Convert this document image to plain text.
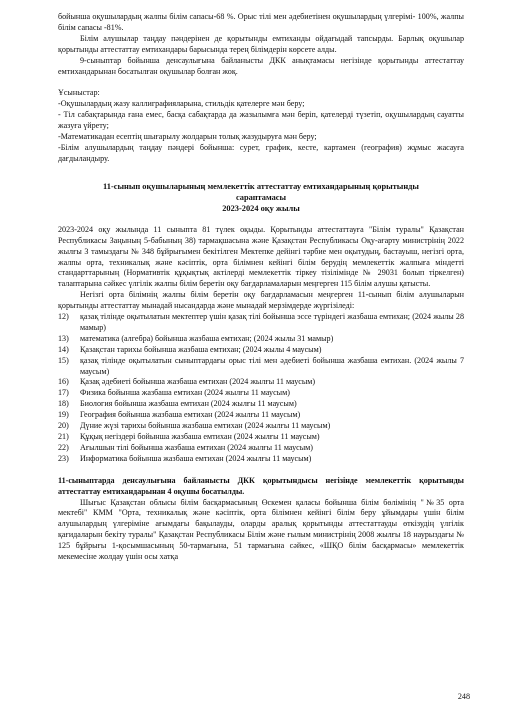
бойынша оқушылардың жалпы білім сапасы-68 %. Орыс тілі мен әдебиетінен оқушылардың үлгерімі- 100%, жалпы білім сапасы -81%.

Білім алушылар таңдау пәндерінен де қорытынды емтиханды ойдағыдай тапсырды. Барлық оқушылар қорытынды аттестаттау емтихандары барысында терең білімдерін көрсете алды.

9-сыныптар бойынша денсаулығына байланысты ДКК анықтамасы негізінде қорытынды аттестаттау емтихандарынан босатылған оқушылар болған жоқ.

Ұсыныстар:

-Оқушылардың жазу каллиграфияларына, стильдік қателерге мән беру;

- Тіл сабақтарында ғана емес, басқа сабақтарда да жазылымға мән беріп, қателерді түзетіп, оқушылардың сауатты жазуға үйрету;

-Математикадан есептің шығарылу жолдарын толық жазудыруға мән беру;

-Білім алушылардың таңдау пәндері бойынша: сурет, график, кесте, картамен (география) жұмыс жасауға дағдыландыру.

11-сынып оқушыларының мемлекеттік аттестаттау емтихандарының қорытынды
сараптамасы
2023-2024 оқу жылы

2023-2024 оқу жылында 11 сыныпта 81 түлек оқыды. Қорытынды аттестаттауға "Білім туралы" Қазақстан Республикасы Заңының 5-бабының 38) тармақшасына және Қазақстан Республикасы Оқу-ағарту министрінің 2022 жылғы 3 тамыздағы № 348 бұйрығымен бекітілген Мектепке дейінгі тәрбие мен оқытудың, бастауыш, негізгі орта, жалпы орта, техникалық және кәсіптік, орта білімнен кейінгі білім берудің мемлекеттік жалпыға міндетті стандарттарының (Нормативтік құқықтық актілерді мемлекеттік тіркеу тізілімінде № 29031 болып тіркелген) талаптарына сәйкес үлгілік жалпы білім беретін оқу бағдарламаларын меңгерген 115 білім алушы қатысты.

Негізгі орта білімнің жалпы білім беретін оқу бағдарламасын меңгерген 11-сынып білім алушыларын қорытынды аттестаттау мынадай нысандарда және мынадай мерзімдерде жүргізіледі:

12)	қазақ тілінде оқытылатын мектептер үшін қазақ тілі бойынша эссе түріндегі жазбаша емтихан; (2024 жылы 28 мамыр)
13)	математика (алгебра) бойынша жазбаша емтихан; (2024 жылы 31 мамыр)
14)	Қазақстан тарихы бойынша жазбаша емтихан; (2024 жылы 4 маусым)
15)	қазақ тілінде оқытылатын сыныптардағы орыс тілі мен әдебиеті бойынша жазбаша емтихан. (2024 жылы 7 маусым)
16)	Қазақ әдебиеті бойынша жазбаша емтихан (2024 жылғы 11 маусым)
17)	Физика бойынша жазбаша емтихан (2024 жылғы 11 маусым)
18)	Биология бойынша жазбаша емтихан (2024 жылғы 11 маусым)
19)	География бойынша жазбаша емтихан (2024 жылғы 11 маусым)
20)	Дүние жүзі тарихы бойынша жазбаша емтихан (2024 жылғы 11 маусым)
21)	Құқық негіздері бойынша жазбаша емтихан (2024 жылғы 11 маусым)
22)	Ағылшын тілі бойынша жазбаша емтихан (2024 жылғы 11 маусым)
23)	Информатика бойынша жазбаша емтихан (2024 жылғы 11 маусым)

11-сыныптарда денсаулығына байланысты ДКК қорытындысы негізінде мемлекеттік қорытынды аттестаттау емтихандарынан 4 оқушы босатылды.

Шығыс Қазақстан облысы білім басқармасының Өскемен қаласы бойынша білім бөлімінің "№35 орта мектебі" КММ "Орта, техникалық және кәсіптік, орта білімнен кейінгі білім беру ұйымдары үшін білім алушылардың үлгеріміне ағымдағы бақылауды, оларды аралық қорытынды аттестаттауды өткізудің үлгілік қағидаларын бекіту туралы" Қазақстан Республикасы Білім және ғылым министрінің 2008 жылғы 18 наурыздағы № 125 бұйрығы 1-қосымшасының 50-тармағына, 51 тармағына сәйкес, «ШҚО білім басқармасы» мемлекеттік мекемесіне жолдау үшін осы хатқа

248
